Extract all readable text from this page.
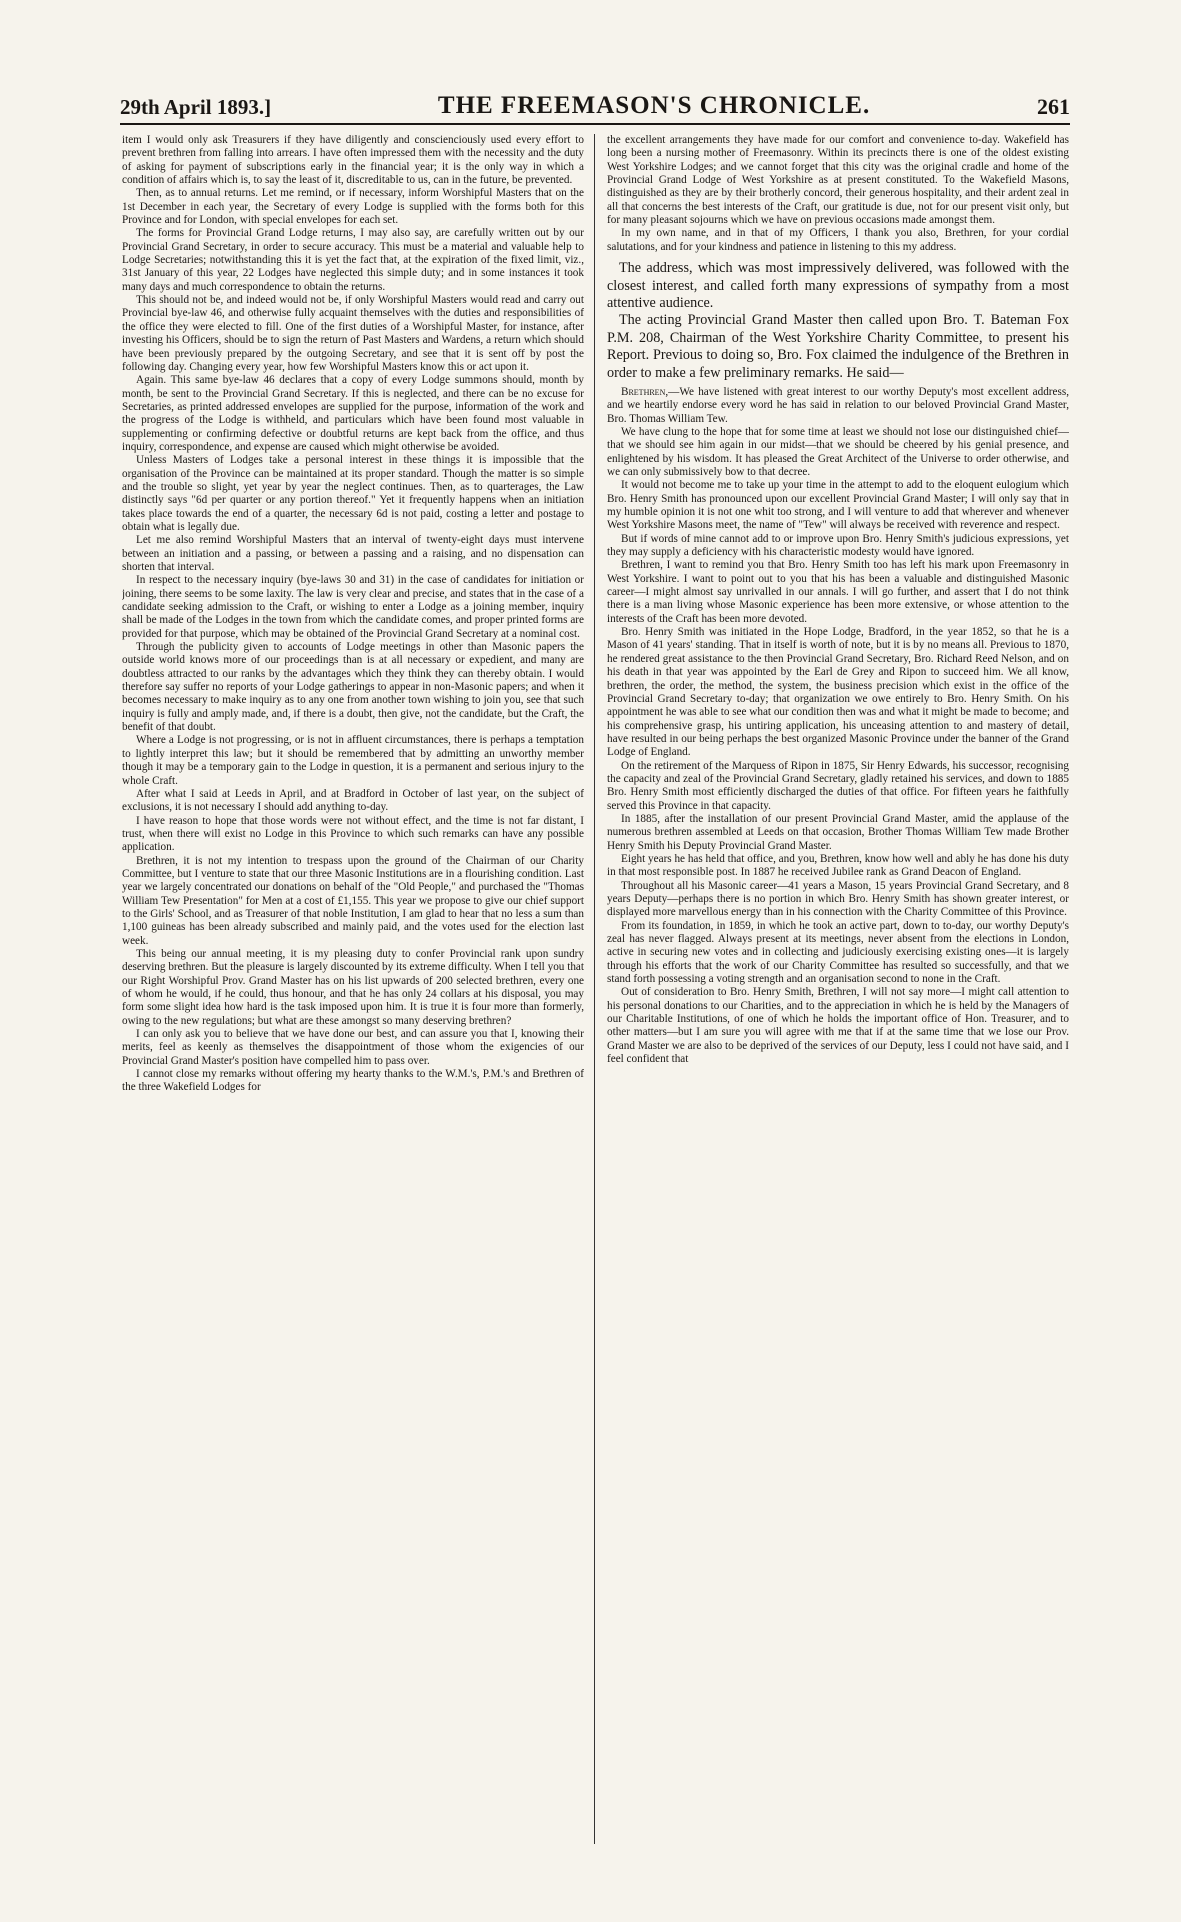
29th April 1893.]	THE FREEMASON'S CHRONICLE.	261

item I would only ask Treasurers if they have diligently and conscienciously used every effort to prevent brethren from falling into arrears. I have often impressed them with the necessity and the duty of asking for payment of subscriptions early in the financial year; it is the only way in which a condition of affairs which is, to say the least of it, discreditable to us, can in the future, be prevented.

Then, as to annual returns. Let me remind, or if necessary, inform Worshipful Masters that on the 1st December in each year, the Secretary of every Lodge is supplied with the forms both for this Province and for London, with special envelopes for each set.

The forms for Provincial Grand Lodge returns, I may also say, are carefully written out by our Provincial Grand Secretary, in order to secure accuracy. This must be a material and valuable help to Lodge Secretaries; notwithstanding this it is yet the fact that, at the expiration of the fixed limit, viz., 31st January of this year, 22 Lodges have neglected this simple duty; and in some instances it took many days and much correspondence to obtain the returns.

This should not be, and indeed would not be, if only Worshipful Masters would read and carry out Provincial bye-law 46, and otherwise fully acquaint themselves with the duties and responsibilities of the office they were elected to fill. One of the first duties of a Worshipful Master, for instance, after investing his Officers, should be to sign the return of Past Masters and Wardens, a return which should have been previously prepared by the outgoing Secretary, and see that it is sent off by post the following day. Changing every year, how few Worshipful Masters know this or act upon it.

Again. This same bye-law 46 declares that a copy of every Lodge summons should, month by month, be sent to the Provincial Grand Secretary. If this is neglected, and there can be no excuse for Secretaries, as printed addressed envelopes are supplied for the purpose, information of the work and the progress of the Lodge is withheld, and particulars which have been found most valuable in supplementing or confirming defective or doubtful returns are kept back from the office, and thus inquiry, correspondence, and expense are caused which might otherwise be avoided.

Unless Masters of Lodges take a personal interest in these things it is impossible that the organisation of the Province can be maintained at its proper standard. Though the matter is so simple and the trouble so slight, yet year by year the neglect continues. Then, as to quarterages, the Law distinctly says "6d per quarter or any portion thereof." Yet it frequently happens when an initiation takes place towards the end of a quarter, the necessary 6d is not paid, costing a letter and postage to obtain what is legally due.

Let me also remind Worshipful Masters that an interval of twenty-eight days must intervene between an initiation and a passing, or between a passing and a raising, and no dispensation can shorten that interval.

In respect to the necessary inquiry (bye-laws 30 and 31) in the case of candidates for initiation or joining, there seems to be some laxity. The law is very clear and precise, and states that in the case of a candidate seeking admission to the Craft, or wishing to enter a Lodge as a joining member, inquiry shall be made of the Lodges in the town from which the candidate comes, and proper printed forms are provided for that purpose, which may be obtained of the Provincial Grand Secretary at a nominal cost.

Through the publicity given to accounts of Lodge meetings in other than Masonic papers the outside world knows more of our proceedings than is at all necessary or expedient, and many are doubtless attracted to our ranks by the advantages which they think they can thereby obtain. I would therefore say suffer no reports of your Lodge gatherings to appear in non-Masonic papers; and when it becomes necessary to make inquiry as to any one from another town wishing to join you, see that such inquiry is fully and amply made, and, if there is a doubt, then give, not the candidate, but the Craft, the benefit of that doubt.

Where a Lodge is not progressing, or is not in affluent circumstances, there is perhaps a temptation to lightly interpret this law; but it should be remembered that by admitting an unworthy member though it may be a temporary gain to the Lodge in question, it is a permanent and serious injury to the whole Craft.

After what I said at Leeds in April, and at Bradford in October of last year, on the subject of exclusions, it is not necessary I should add anything to-day.

I have reason to hope that those words were not without effect, and the time is not far distant, I trust, when there will exist no Lodge in this Province to which such remarks can have any possible application.

Brethren, it is not my intention to trespass upon the ground of the Chairman of our Charity Committee, but I venture to state that our three Masonic Institutions are in a flourishing condition. Last year we largely concentrated our donations on behalf of the "Old People," and purchased the "Thomas William Tew Presentation" for Men at a cost of £1,155. This year we propose to give our chief support to the Girls' School, and as Treasurer of that noble Institution, I am glad to hear that no less a sum than 1,100 guineas has been already subscribed and mainly paid, and the votes used for the election last week.

This being our annual meeting, it is my pleasing duty to confer Provincial rank upon sundry deserving brethren. But the pleasure is largely discounted by its extreme difficulty. When I tell you that our Right Worshipful Prov. Grand Master has on his list upwards of 200 selected brethren, every one of whom he would, if he could, thus honour, and that he has only 24 collars at his disposal, you may form some slight idea how hard is the task imposed upon him. It is true it is four more than formerly, owing to the new regulations; but what are these amongst so many deserving brethren?

I can only ask you to believe that we have done our best, and can assure you that I, knowing their merits, feel as keenly as themselves the disappointment of those whom the exigencies of our Provincial Grand Master's position have compelled him to pass over.

I cannot close my remarks without offering my hearty thanks to the W.M.'s, P.M.'s and Brethren of the three Wakefield Lodges for

the excellent arrangements they have made for our comfort and convenience to-day. Wakefield has long been a nursing mother of Freemasonry. Within its precincts there is one of the oldest existing West Yorkshire Lodges; and we cannot forget that this city was the original cradle and home of the Provincial Grand Lodge of West Yorkshire as at present constituted. To the Wakefield Masons, distinguished as they are by their brotherly concord, their generous hospitality, and their ardent zeal in all that concerns the best interests of the Craft, our gratitude is due, not for our present visit only, but for many pleasant sojourns which we have on previous occasions made amongst them.

In my own name, and in that of my Officers, I thank you also, Brethren, for your cordial salutations, and for your kindness and patience in listening to this my address.

The address, which was most impressively delivered, was followed with the closest interest, and called forth many expressions of sympathy from a most attentive audience.

The acting Provincial Grand Master then called upon Bro. T. Bateman Fox P.M. 208, Chairman of the West Yorkshire Charity Committee, to present his Report. Previous to doing so, Bro. Fox claimed the indulgence of the Brethren in order to make a few preliminary remarks. He said—

Brethren,—We have listened with great interest to our worthy Deputy's most excellent address, and we heartily endorse every word he has said in relation to our beloved Provincial Grand Master, Bro. Thomas William Tew.

We have clung to the hope that for some time at least we should not lose our distinguished chief—that we should see him again in our midst—that we should be cheered by his genial presence, and enlightened by his wisdom. It has pleased the Great Architect of the Universe to order otherwise, and we can only submissively bow to that decree.

It would not become me to take up your time in the attempt to add to the eloquent eulogium which Bro. Henry Smith has pronounced upon our excellent Provincial Grand Master; I will only say that in my humble opinion it is not one whit too strong, and I will venture to add that wherever and whenever West Yorkshire Masons meet, the name of "Tew" will always be received with reverence and respect.

But if words of mine cannot add to or improve upon Bro. Henry Smith's judicious expressions, yet they may supply a deficiency with his characteristic modesty would have ignored.

Brethren, I want to remind you that Bro. Henry Smith too has left his mark upon Freemasonry in West Yorkshire. I want to point out to you that his has been a valuable and distinguished Masonic career—I might almost say unrivalled in our annals. I will go further, and assert that I do not think there is a man living whose Masonic experience has been more extensive, or whose attention to the interests of the Craft has been more devoted.

Bro. Henry Smith was initiated in the Hope Lodge, Bradford, in the year 1852, so that he is a Mason of 41 years' standing. That in itself is worth of note, but it is by no means all. Previous to 1870, he rendered great assistance to the then Provincial Grand Secretary, Bro. Richard Reed Nelson, and on his death in that year was appointed by the Earl de Grey and Ripon to succeed him. We all know, brethren, the order, the method, the system, the business precision which exist in the office of the Provincial Grand Secretary to-day; that organization we owe entirely to Bro. Henry Smith. On his appointment he was able to see what our condition then was and what it might be made to become; and his comprehensive grasp, his untiring application, his unceasing attention to and mastery of detail, have resulted in our being perhaps the best organized Masonic Province under the banner of the Grand Lodge of England.

On the retirement of the Marquess of Ripon in 1875, Sir Henry Edwards, his successor, recognising the capacity and zeal of the Provincial Grand Secretary, gladly retained his services, and down to 1885 Bro. Henry Smith most efficiently discharged the duties of that office. For fifteen years he faithfully served this Province in that capacity.

In 1885, after the installation of our present Provincial Grand Master, amid the applause of the numerous brethren assembled at Leeds on that occasion, Brother Thomas William Tew made Brother Henry Smith his Deputy Provincial Grand Master.

Eight years he has held that office, and you, Brethren, know how well and ably he has done his duty in that most responsible post. In 1887 he received Jubilee rank as Grand Deacon of England.

Throughout all his Masonic career—41 years a Mason, 15 years Provincial Grand Secretary, and 8 years Deputy—perhaps there is no portion in which Bro. Henry Smith has shown greater interest, or displayed more marvellous energy than in his connection with the Charity Committee of this Province.

From its foundation, in 1859, in which he took an active part, down to to-day, our worthy Deputy's zeal has never flagged. Always present at its meetings, never absent from the elections in London, active in securing new votes and in collecting and judiciously exercising existing ones—it is largely through his efforts that the work of our Charity Committee has resulted so successfully, and that we stand forth possessing a voting strength and an organisation second to none in the Craft.

Out of consideration to Bro. Henry Smith, Brethren, I will not say more—I might call attention to his personal donations to our Charities, and to the appreciation in which he is held by the Managers of our Charitable Institutions, of one of which he holds the important office of Hon. Treasurer, and to other matters—but I am sure you will agree with me that if at the same time that we lose our Prov. Grand Master we are also to be deprived of the services of our Deputy, less I could not have said, and I feel confident that
